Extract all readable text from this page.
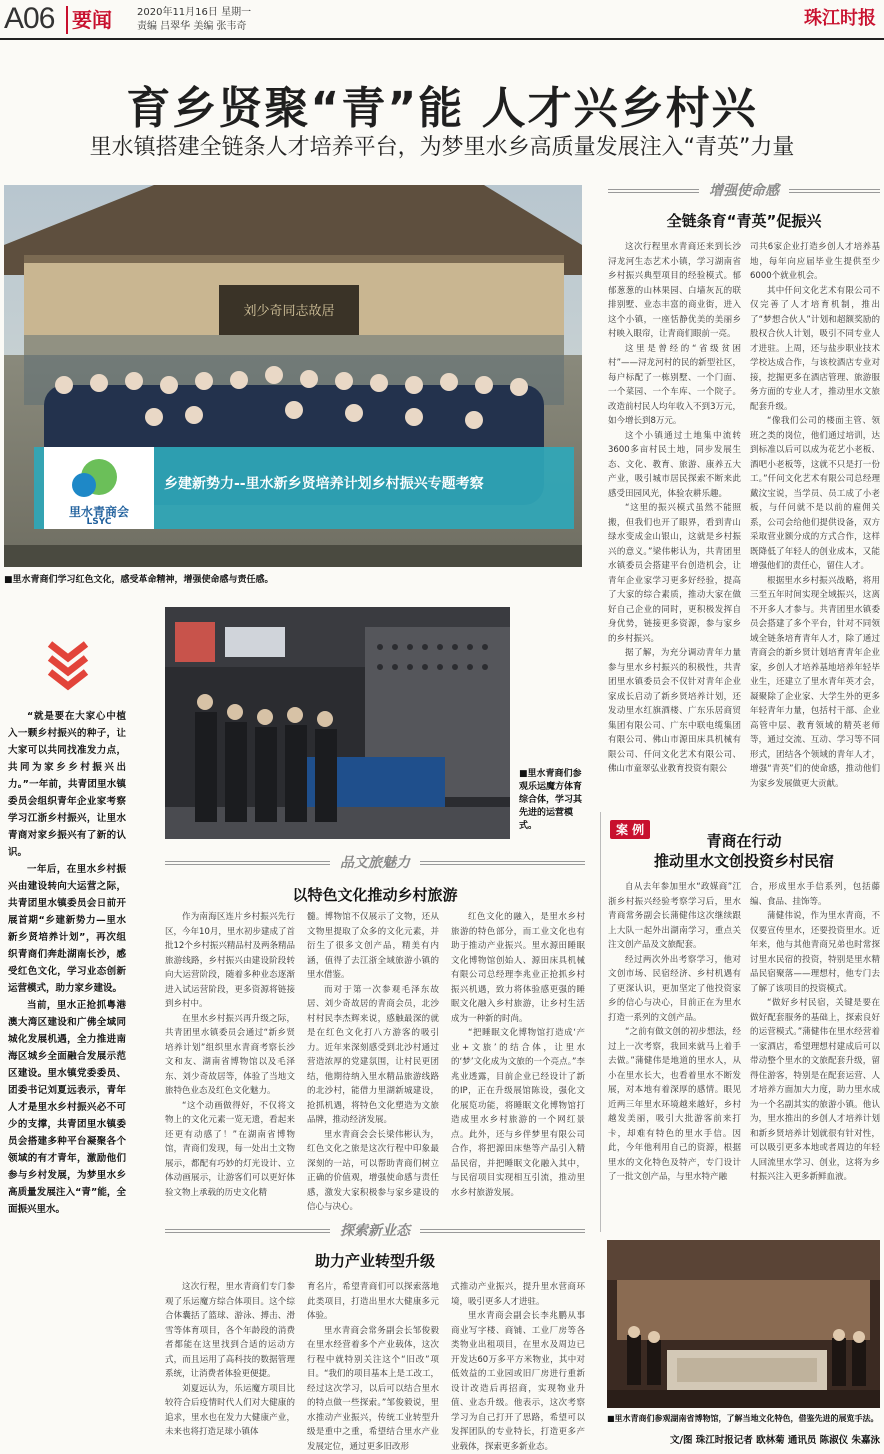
A06 要闻	2020年11月16日 星期一
责编 吕翠华 美编 张韦奇	珠江时报
育乡贤聚“青”能 人才兴乡村兴
里水镇搭建全链条人才培养平台，为梦里水乡高质量发展注入“青英”力量
刘少奇同志故居
乡建新势力--里水新乡贤培养计划乡村振兴专题考察
里水青商会
LSYC
■里水青商们学习红色文化，感受革命精神，增强使命感与责任感。
增强使命感
全链条育“青英”促振兴

这次行程里水青商还来到长沙浔龙河生态艺术小镇，学习湖南省乡村振兴典型项目的经验模式。郁郁葱葱的山林果园、白墙灰瓦的联排别墅、业态丰富的商业街，进入这个小镇，一座恬静优美的美丽乡村映入眼帘，让青商们眼前一亮。

这里是曾经的“省级贫困村”——浔龙河村的民的新型社区，每户标配了一栋别墅、一个门面、一个菜园、一个车库、一个院子。改造前村民人均年收入不到3万元，如今增长到8万元。

这个小镇通过土地集中流转3600多亩村民土地，同步发展生态、文化、教育、旅游、康养五大产业，吸引城市居民探索不断来此感受田园风光，体验农耕乐趣。

“这里的振兴模式虽然不能照搬，但我们也开了眼界，看到青山绿水变成金山银山，这就是乡村振兴的意义。”梁伟彬认为，共青团里水镇委员会搭建平台创造机会，让青年企业家学习更多好经验，提高了大家的综合素质，推动大家在做好自己企业的同时，更积极发挥自身优势，链接更多资源，参与家乡的乡村振兴。

据了解，为充分调动青年力量参与里水乡村振兴的积极性，共青团里水镇委员会不仅针对青年企业家成长启动了新乡贤培养计划，还发动里水红旗酒楼、广东乐居商贸集团有限公司、广东中联电缆集团有限公司、佛山市源田床具机械有限公司、仟问文化艺术有限公司、佛山市童翠弘业教育投资有限公

司共6家企业打造乡创人才培养基地，每年向应届毕业生提供至少6000个就业机会。

其中仟问文化艺术有限公司不仅完善了人才培育机制，推出了“梦想合伙人”计划和超额奖励的股权合伙人计划，吸引不同专业人才进驻。上周，还与盐步职业技术学校达成合作，与该校酒店专业对接，挖掘更多在酒店管理、旅游服务方面的专业人才，推动里水文旅配套升级。

“像我们公司的楼面主管、领班之类的岗位，他们通过培训，达到标准以后可以成为花艺小老板、酒吧小老板等，这就不只是打一份工。”仟问文化艺术有限公司总经理戴汶宝说，当学员、员工成了小老板，与仟问就不是以前的雇佣关系，公司会给他们提供设备，双方采取营业额分成的方式合作，这样既降低了年轻人的创业成本，又能增强他们的责任心，留住人才。

根据里水乡村振兴战略，将用三至五年时间实现全域振兴，这离不开多人才参与。共青团里水镇委员会搭建了多个平台，针对不同领域全链条培育青年人才，除了通过青商会的新乡贤计划培育青年企业家，乡创人才培养基地培养年轻毕业生，还建立了里水青年英才会，凝聚除了企业家、大学生外的更多年轻青年力量，包括村干部、企业高管中层、教育领域的精英老师等，通过交流、互动、学习等不同形式，团结各个领域的青年人才，增强“青英”们的使命感，推动他们为家乡发展做更大贡献。

“就是要在大家心中植入一颗乡村振兴的种子，让大家可以共同找准发力点，共同为家乡乡村振兴出力。”一年前，共青团里水镇委员会组织青年企业家考察学习江浙乡村振兴，让里水青商对家乡振兴有了新的认识。

一年后，在里水乡村振兴由建设转向大运营之际，共青团里水镇委员会日前开展首期“乡建新势力—里水新乡贤培养计划”，再次组织青商们奔赴湖南长沙，感受红色文化，学习业态创新运营模式，助力家乡建设。

当前，里水正抢抓粤港澳大湾区建设和广佛全域同城化发展机遇，全力推进南海区城乡全面融合发展示范区建设。里水镇党委委员、团委书记刘夏远表示，青年人才是里水乡村振兴必不可少的支撑，共青团里水镇委员会搭建多种平台凝聚各个领域的有才青年，激励他们参与乡村发展，为梦里水乡高质量发展注入“青”能，全面振兴里水。

■里水青商们参观乐运魔方体育综合体，学习其先进的运营模式。
品文旅魅力
以特色文化推动乡村旅游

作为南海区连片乡村振兴先行区，今年10月，里水初步建成了首批12个乡村振兴精品村及两条精品旅游线路，乡村振兴由建设阶段转向大运营阶段，随着多种业态逐渐进入试运营阶段，更多资源将链接到乡村中。

在里水乡村振兴再升级之际，共青团里水镇委员会通过“新乡贤培养计划”组织里水青商考察长沙文和友、湖南省博物馆以及毛泽东、刘少奇故居等，体验了当地文旅特色业态及红色文化魅力。

“这个动画做得好，不仅将文物上的文化元素一览无遗，看起来还更有动感了！”在湖南省博物馆，青商们发现，每一处出土文物展示，都配有巧妙的灯光设计、立体动画展示，让游客们可以更好体验文物上承载的历史文化精

髓。博物馆不仅展示了文物，还从文物里提取了众多的文化元素，并衍生了很多文创产品，精美有内涵，值得了去江浙全域旅游小镇的里水借鉴。

而对于第一次参观毛泽东故居、刘少奇故居的青商会员，北沙村村民李杰辉来说，感触最深的就是在红色文化打八方游客的吸引力。近年来深刻感受到北沙村通过营造浓厚的党建氛围，让村民更团结，他期待纳入里水精品旅游线路的北沙村，能借力里湖新城建设，抢抓机遇，将特色文化塑造为文旅品牌，推动经济发展。

里水青商会会长梁伟彬认为，红色文化之旅是这次行程中印象最深刻的一站，可以帮助青商们树立正确的价值观，增强使命感与责任感，激发大家积极参与家乡建设的信心与决心。

红色文化的融入，是里水乡村旅游的特色部分，而工业文化也有助于推动产业振兴。里水源田睡眠文化博物馆创始人、源田床具机械有限公司总经理李兆业正抢抓乡村振兴机遇，致力将体验感更强的睡眠文化融入乡村旅游，让乡村生活成为一种新的时尚。

“把睡眠文化博物馆打造成‘产业+文旅’的结合体，让里水的‘梦’文化成为文旅的一个亮点。”李兆业透露，目前企业已经设计了新的IP，正在升级展馆陈设，强化文化展览功能，将睡眠文化博物馆打造成里水乡村旅游的一个网红景点。此外，还与乡伴梦里有限公司合作，将把源田床垫等产品引入精品民宿，并把睡眠文化融入其中，与民宿项目实现相互引流，推动里水乡村旅游发展。

探索新业态
助力产业转型升级

这次行程，里水青商们专门参观了乐运魔方综合体项目。这个综合体囊括了篮球、游泳、搏击、滑雪等体育项目，各个年龄段的消费者都能在这里找到合适的运动方式，而且运用了高科技的数据管理系统，让消费者体验更便捷。

刘夏远认为，乐运魔方项目比较符合后疫情时代人们对大健康的追求，里水也在发力大健康产业，未来也将打造足球小镇体

育名片，希望青商们可以探索落地此类项目，打造出里水大健康多元体验。

里水青商会常务副会长邹俊毅在里水经营着多个产业载体，这次行程中就特别关注这个“旧改”项目。“我们的项目基本上是工改工，经过这次学习，以后可以结合里水的特点做一些探索。”邹俊毅说，里水推动产业振兴，传统工业转型升级是重中之重，希望结合里水产业发展定位，通过更多旧改形

式推动产业振兴，提升里水营商环境，吸引更多人才进驻。

里水青商会副会长李兆鹏从事商业写字楼、商铺、工业厂房等各类物业出租项目，在里水及周边已开发达60万多平方米物业，其中对低效益的工业园或旧厂房进行重新设计改造后再招商，实现物业升值、业态升级。他表示，这次考察学习为自己打开了思路，希望可以发挥团队的专业特长，打造更多产业载体，探索更多新业态。

案 例
青商在行动
推动里水文创投资乡村民宿

自从去年参加里水“政媒商”江浙乡村振兴经验考察学习后，里水青商常务副会长蒲健伟这次继续跟上大队一起外出湖南学习，重点关注文创产品及文旅配套。

经过两次外出考察学习，他对文创市场、民宿经济、乡村机遇有了更深认识，更加坚定了他投资家乡的信心与决心，目前正在为里水打造一系列的文创产品。

“之前有做文创的初步想法，经过上一次考察，我回来就马上着手去做。”蒲健伟是地道的里水人，从小在里水长大，也看着里水不断发展，对本地有着深厚的感情。眼见近两三年里水环境越来越好，乡村越发美丽，吸引大批游客前来打卡，却难有特色的里水手信。因此，今年他利用自己的资源，根据里水的文化特色及特产，专门设计了一批文创产品，与里水特产融

合，形成里水手信系列，包括藤编、食品、挂饰等。

蒲健伟说，作为里水青商，不仅要宣传里水，还要投资里水。近年来，他与其他青商兄弟也时常探讨里水民宿的投资，特别是里水精品民宿聚落——理想村，他专门去了解了该项目的投资模式。

“做好乡村民宿，关键是要在做好配套服务的基础上，探索良好的运营模式。”蒲健伟在里水经营着一家酒店，希望理想村建成后可以带动整个里水的文旅配套升级，留得住游客，特别是在配套运营、人才培养方面加大力度，助力里水成为一个名副其实的旅游小镇。他认为，里水推出的乡创人才培养计划和新乡贤培养计划就很有针对性，可以吸引更多本地或者周边的年轻人回流里水学习、创业，这将为乡村振兴注入更多新鲜血液。

■里水青商们参观湖南省博物馆，了解当地文化特色，借鉴先进的展览手法。
文/图 珠江时报记者 欧林菊 通讯员 陈淑仪 朱嘉泳
